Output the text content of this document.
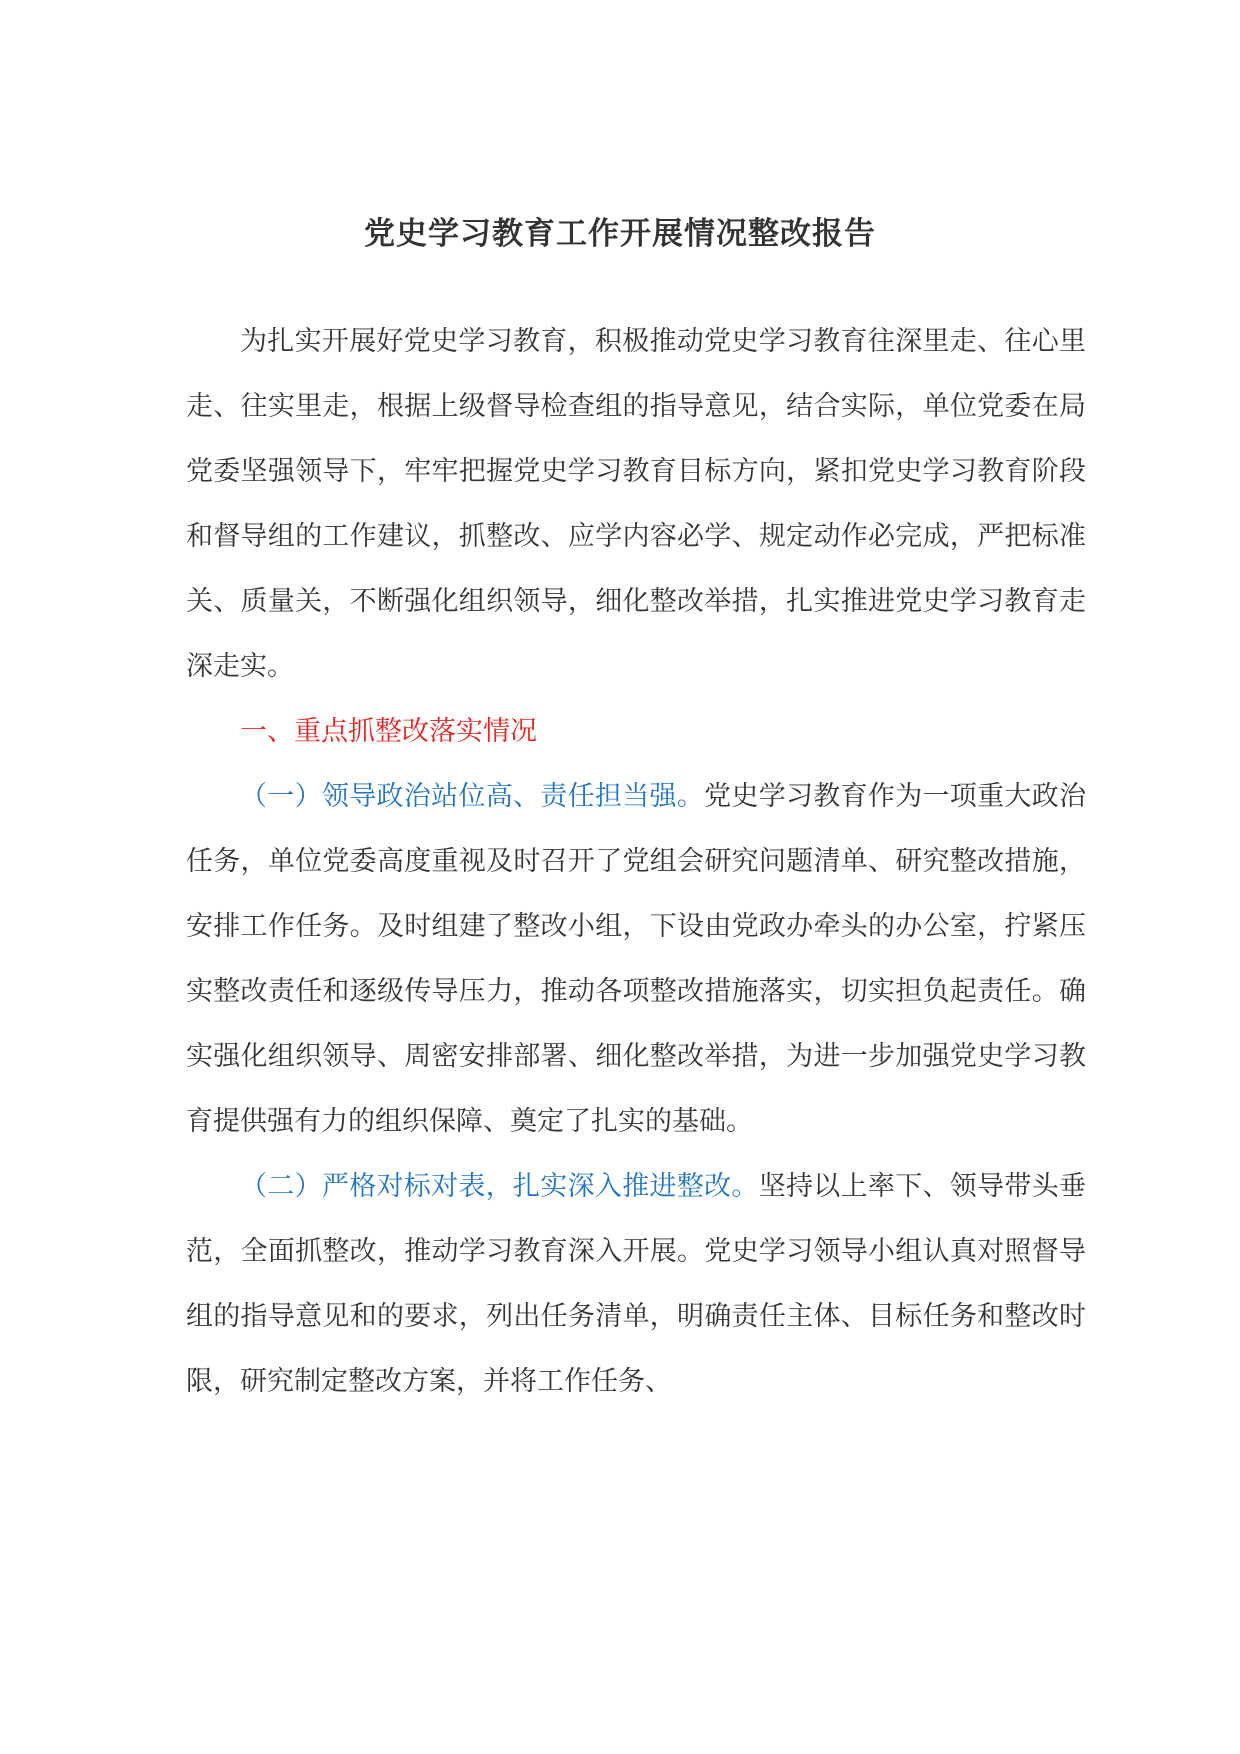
党史学习教育工作开展情况整改报告

为扎实开展好党史学习教育，积极推动党史学习教育往深里走、往心里走、往实里走，根据上级督导检查组的指导意见，结合实际，单位党委在局党委坚强领导下，牢牢把握党史学习教育目标方向，紧扣党史学习教育阶段和督导组的工作建议，抓整改、应学内容必学、规定动作必完成，严把标准关、质量关，不断强化组织领导，细化整改举措，扎实推进党史学习教育走深走实。

一、重点抓整改落实情况

（一）领导政治站位高、责任担当强。党史学习教育作为一项重大政治任务，单位党委高度重视及时召开了党组会研究问题清单、研究整改措施，安排工作任务。及时组建了整改小组，下设由党政办牵头的办公室，拧紧压实整改责任和逐级传导压力，推动各项整改措施落实，切实担负起责任。确实强化组织领导、周密安排部署、细化整改举措，为进一步加强党史学习教育提供强有力的组织保障、奠定了扎实的基础。

（二）严格对标对表，扎实深入推进整改。坚持以上率下、领导带头垂范，全面抓整改，推动学习教育深入开展。党史学习领导小组认真对照督导组的指导意见和的要求，列出任务清单，明确责任主体、目标任务和整改时限，研究制定整改方案，并将工作任务、
